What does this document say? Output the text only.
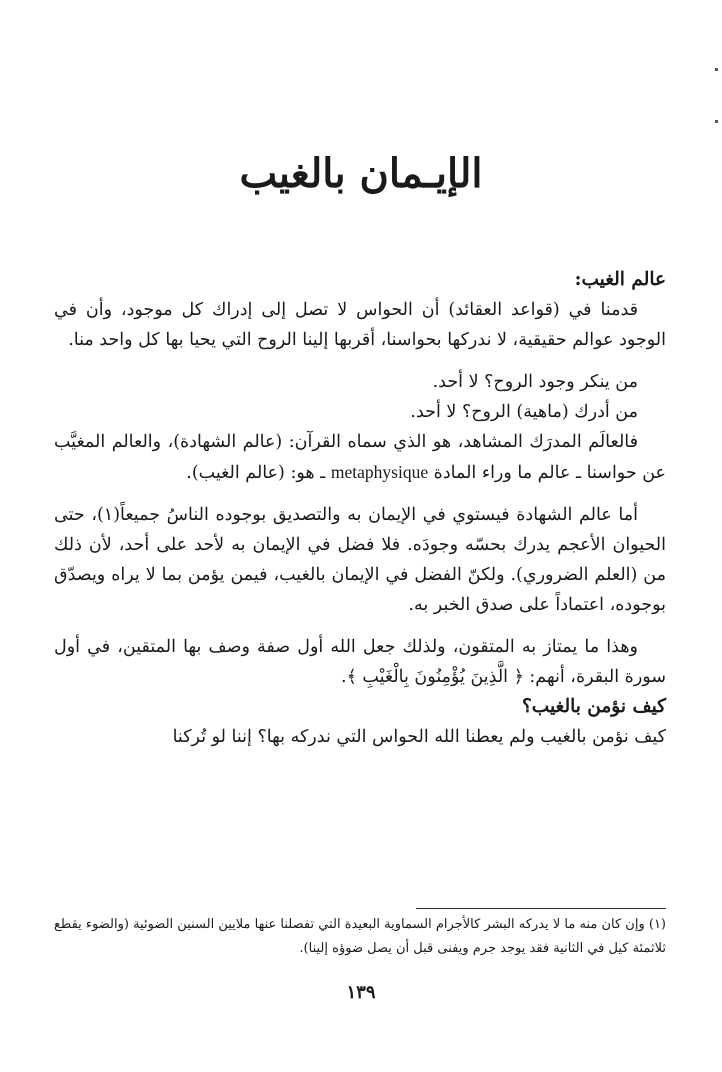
الإيـمان بالغيب

عالم الغيب:

قدمنا في (قواعد العقائد) أن الحواس لا تصل إلى إدراك كل موجود، وأن في الوجود عوالم حقيقية، لا ندركها بحواسنا، أقربها إلينا الروح التي يحيا بها كل واحد منا.

من ينكر وجود الروح؟ لا أحد.

من أدرك (ماهية) الروح؟ لا أحد.

فالعالَم المدرَك المشاهد، هو الذي سماه القرآن: (عالم الشهادة)، والعالم المغيَّب عن حواسنا ـ عالم ما وراء المادة metaphysique ـ هو: (عالم الغيب).

أما عالم الشهادة فيستوي في الإيمان به والتصديق بوجوده الناسُ جميعاً(١)، حتى الحيوان الأعجم يدرك بحسّه وجودَه. فلا فضل في الإيمان به لأحد على أحد، لأن ذلك من (العلم الضروري). ولكنّ الفضل في الإيمان بالغيب، فيمن يؤمن بما لا يراه ويصدّق بوجوده، اعتماداً على صدق الخبر به.

وهذا ما يمتاز به المتقون، ولذلك جعل الله أول صفة وصف بها المتقين، في أول سورة البقرة، أنهم: ﴿ الَّذِينَ يُؤْمِنُونَ بِالْغَيْبِ ﴾.

كيف نؤمن بالغيب؟

كيف نؤمن بالغيب ولم يعطنا الله الحواس التي ندركه بها؟ إننا لو تُركنا

(١) وإن كان منه ما لا يدركه البشر كالأجرام السماوية البعيدة التي تفصلنا عنها ملايين السنين الضوئية (والضوء يقطع ثلاثمئة كيل في الثانية فقد يوجد جرم ويفنى قبل أن يصل ضوؤه إلينا).
١٣٩
